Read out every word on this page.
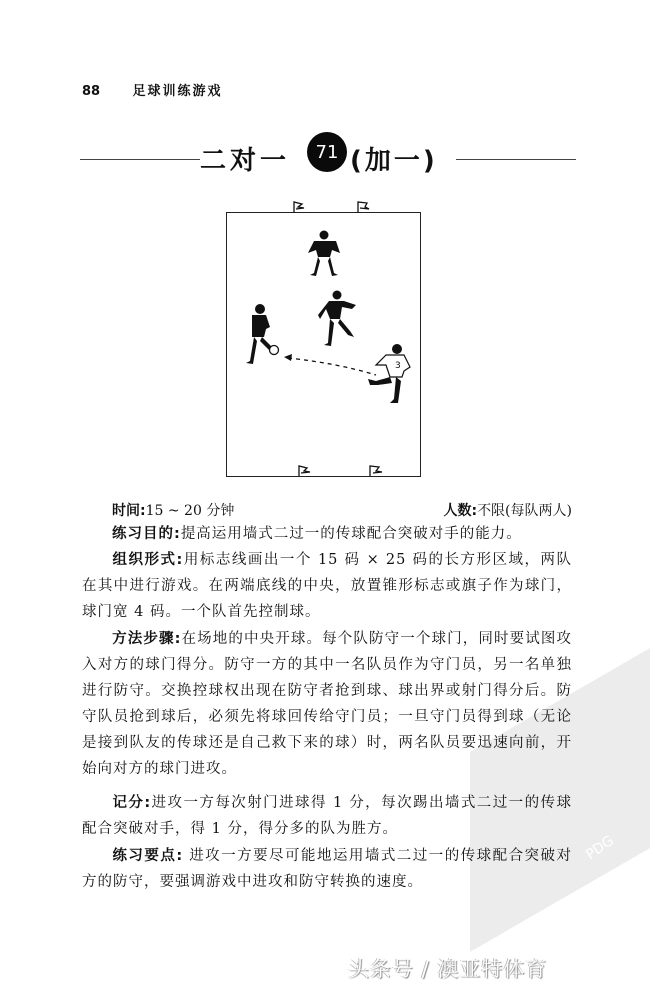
88 足球训练游戏
二对一	71 (加一)
3
时间:15 ~ 20 分钟	人数:不限(每队两人)
练习目的:提高运用墙式二过一的传球配合突破对手的能力。
组织形式:用标志线画出一个 15 码 × 25 码的长方形区域，两队在其中进行游戏。在两端底线的中央，放置锥形标志或旗子作为球门，球门宽 4 码。一个队首先控制球。
方法步骤:在场地的中央开球。每个队防守一个球门，同时要试图攻入对方的球门得分。防守一方的其中一名队员作为守门员，另一名单独进行防守。交换控球权出现在防守者抢到球、球出界或射门得分后。防守队员抢到球后，必须先将球回传给守门员；一旦守门员得到球（无论是接到队友的传球还是自己救下来的球）时，两名队员要迅速向前，开始向对方的球门进攻。
记分:进攻一方每次射门进球得 1 分，每次踢出墙式二过一的传球配合突破对手，得 1 分，得分多的队为胜方。
练习要点: 进攻一方要尽可能地运用墙式二过一的传球配合突破对方的防守，要强调游戏中进攻和防守转换的速度。
PDG
头条号 / 澳亚特体育
